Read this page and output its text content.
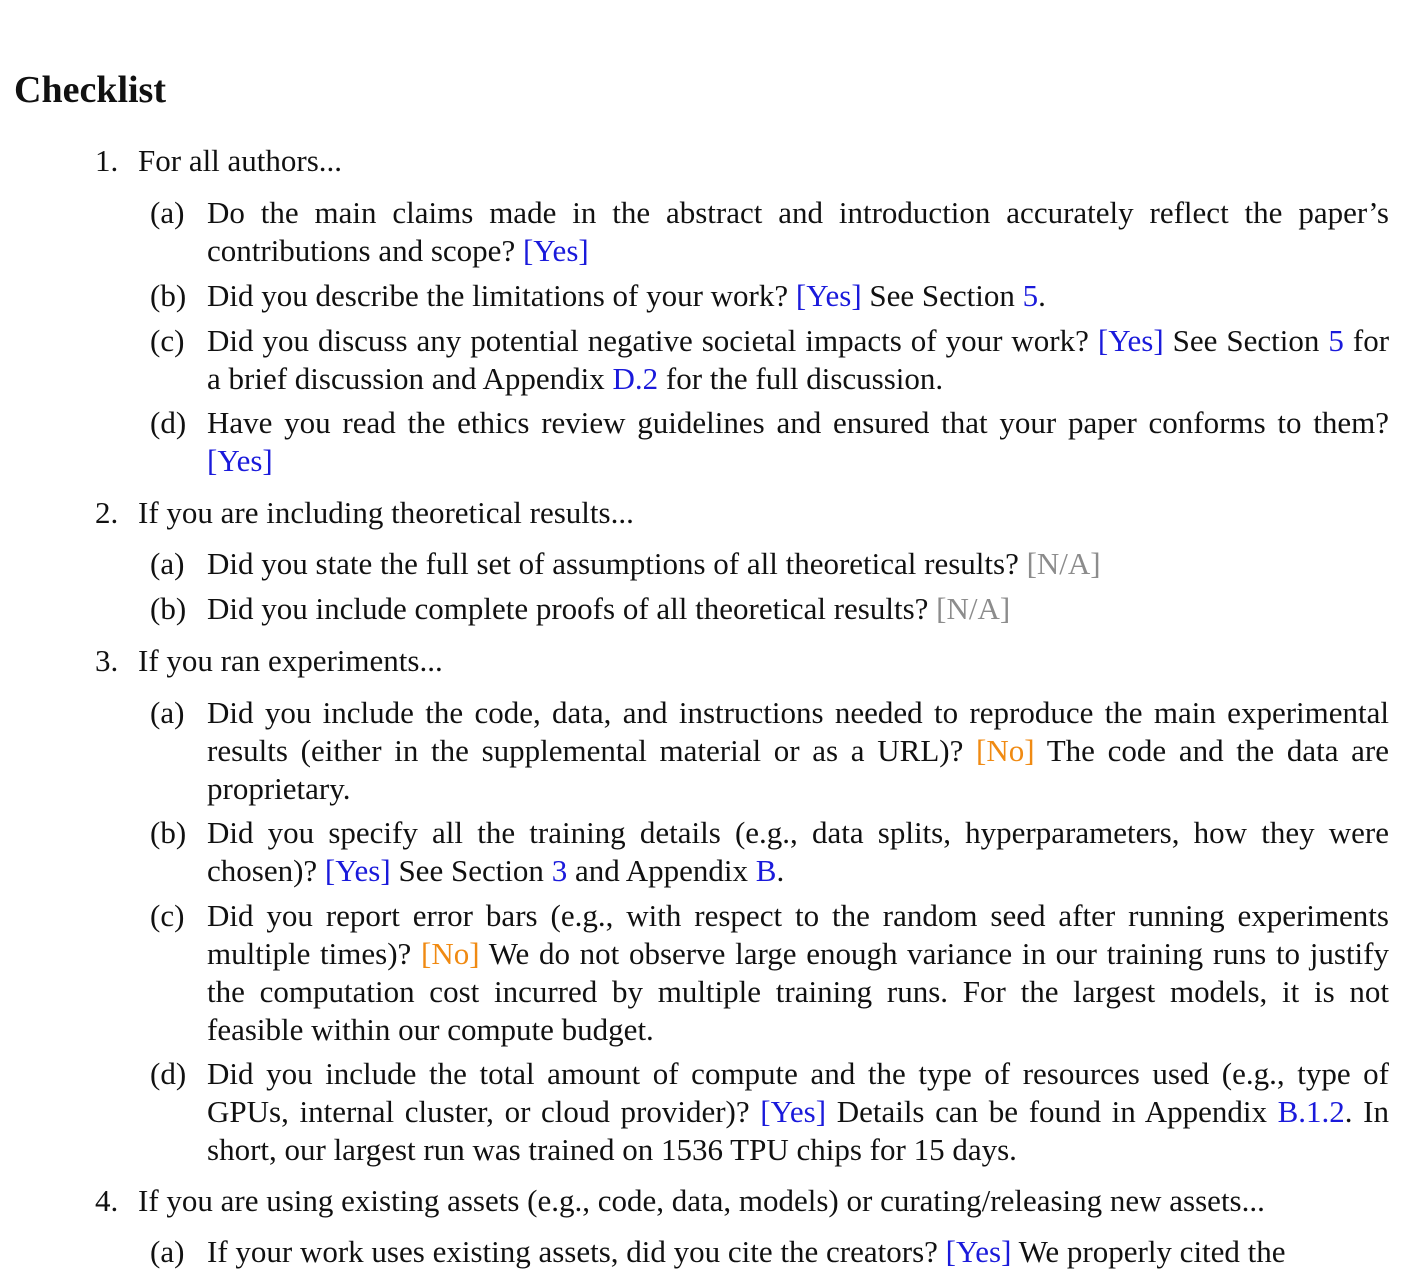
Checklist
1. For all authors...
(a) Do the main claims made in the abstract and introduction accurately reflect the paper’s contributions and scope? [Yes]
(b) Did you describe the limitations of your work? [Yes] See Section 5.
(c) Did you discuss any potential negative societal impacts of your work? [Yes] See Section 5 for a brief discussion and Appendix D.2 for the full discussion.
(d) Have you read the ethics review guidelines and ensured that your paper conforms to them? [Yes]
2. If you are including theoretical results...
(a) Did you state the full set of assumptions of all theoretical results? [N/A]
(b) Did you include complete proofs of all theoretical results? [N/A]
3. If you ran experiments...
(a) Did you include the code, data, and instructions needed to reproduce the main experimental results (either in the supplemental material or as a URL)? [No] The code and the data are proprietary.
(b) Did you specify all the training details (e.g., data splits, hyperparameters, how they were chosen)? [Yes] See Section 3 and Appendix B.
(c) Did you report error bars (e.g., with respect to the random seed after running experiments multiple times)? [No] We do not observe large enough variance in our training runs to justify the computation cost incurred by multiple training runs. For the largest models, it is not feasible within our compute budget.
(d) Did you include the total amount of compute and the type of resources used (e.g., type of GPUs, internal cluster, or cloud provider)? [Yes] Details can be found in Appendix B.1.2. In short, our largest run was trained on 1536 TPU chips for 15 days.
4. If you are using existing assets (e.g., code, data, models) or curating/releasing new assets...
(a) If your work uses existing assets, did you cite the creators? [Yes] We properly cited the
